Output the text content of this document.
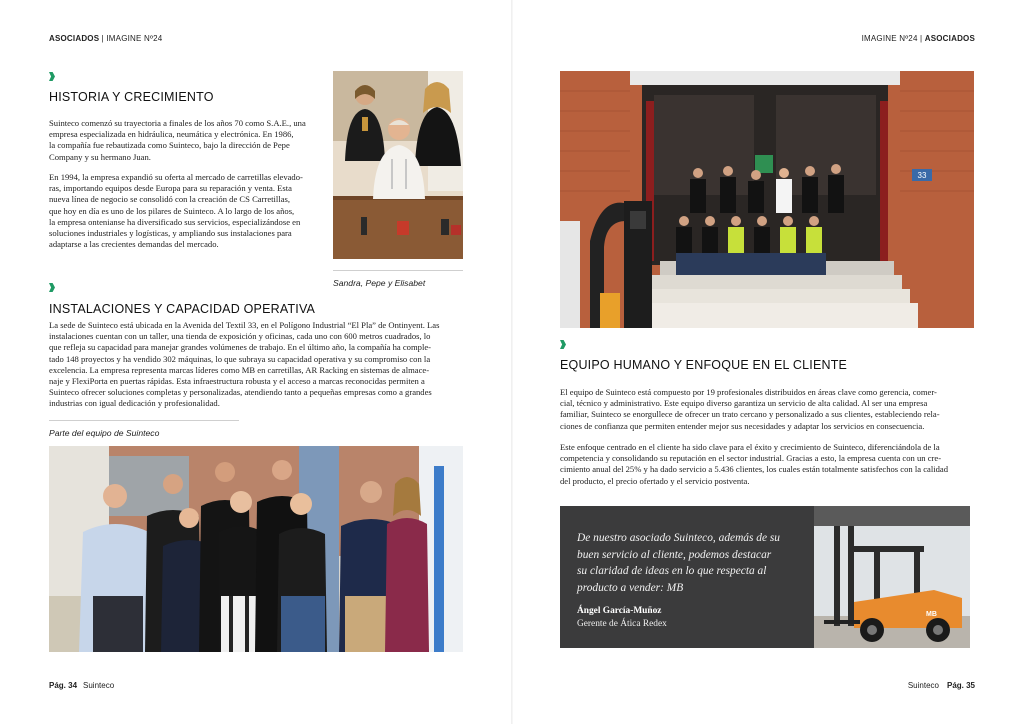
ASOCIADOS | IMAGINE Nº24
HISTORIA Y CRECIMIENTO
Suinteco comenzó su trayectoria a finales de los años 70 como S.A.E., una
empresa especializada en hidráulica, neumática y electrónica. En 1986,
la compañía fue rebautizada como Suinteco, bajo la dirección de Pepe
Company y su hermano Juan.
En 1994, la empresa expandió su oferta al mercado de carretillas elevado-
ras, importando equipos desde Europa para su reparación y venta. Esta
nueva línea de negocio se consolidó con la creación de CS Carretillas,
que hoy en día es uno de los pilares de Suinteco. A lo largo de los años,
la empresa ontenianse ha diversificado sus servicios, especializándose en
soluciones industriales y logísticas, y ampliando sus instalaciones para
adaptarse a las crecientes demandas del mercado.

Sandra, Pepe y Elisabet

INSTALACIONES Y CAPACIDAD OPERATIVA
La sede de Suinteco está ubicada en la Avenida del Textil 33, en el Polígono Industrial “El Pla” de Ontinyent. Las
instalaciones cuentan con un taller, una tienda de exposición y oficinas, cada uno con 600 metros cuadrados, lo
que refleja su capacidad para manejar grandes volúmenes de trabajo. En el último año, la compañía ha comple-
tado 148 proyectos y ha vendido 302 máquinas, lo que subraya su capacidad operativa y su compromiso con la
excelencia. La empresa representa marcas líderes como MB en carretillas, AR Racking en sistemas de almace-
naje y FlexiPorta en puertas rápidas. Esta infraestructura robusta y el acceso a marcas reconocidas permiten a
Suinteco ofrecer soluciones completas y personalizadas, atendiendo tanto a pequeñas empresas como a grandes
industrias con igual dedicación y profesionalidad.

Parte del equipo de Suinteco

Pág. 34 Suinteco
IMAGINE Nº24 | ASOCIADOS
33
EQUIPO HUMANO Y ENFOQUE EN EL CLIENTE
El equipo de Suinteco está compuesto por 19 profesionales distribuidos en áreas clave como gerencia, comer-
cial, técnico y administrativo. Este equipo diverso garantiza un servicio de alta calidad. Al ser una empresa
familiar, Suinteco se enorgullece de ofrecer un trato cercano y personalizado a sus clientes, estableciendo rela-
ciones de confianza que permiten entender mejor sus necesidades y adaptar los servicios en consecuencia.
Este enfoque centrado en el cliente ha sido clave para el éxito y crecimiento de Suinteco, diferenciándola de la
competencia y consolidando su reputación en el sector industrial. Gracias a esto, la empresa cuenta con un cre-
cimiento anual del 25% y ha dado servicio a 5.436 clientes, los cuales están totalmente satisfechos con la calidad
del producto, el precio ofertado y el servicio postventa.
De nuestro asociado Suinteco, además de su
buen servicio al cliente, podemos destacar
su claridad de ideas en lo que respecta al
producto a vender: MB

Ángel García-Muñoz

Gerente de Ática Redex

MB
Suinteco Pág. 35
